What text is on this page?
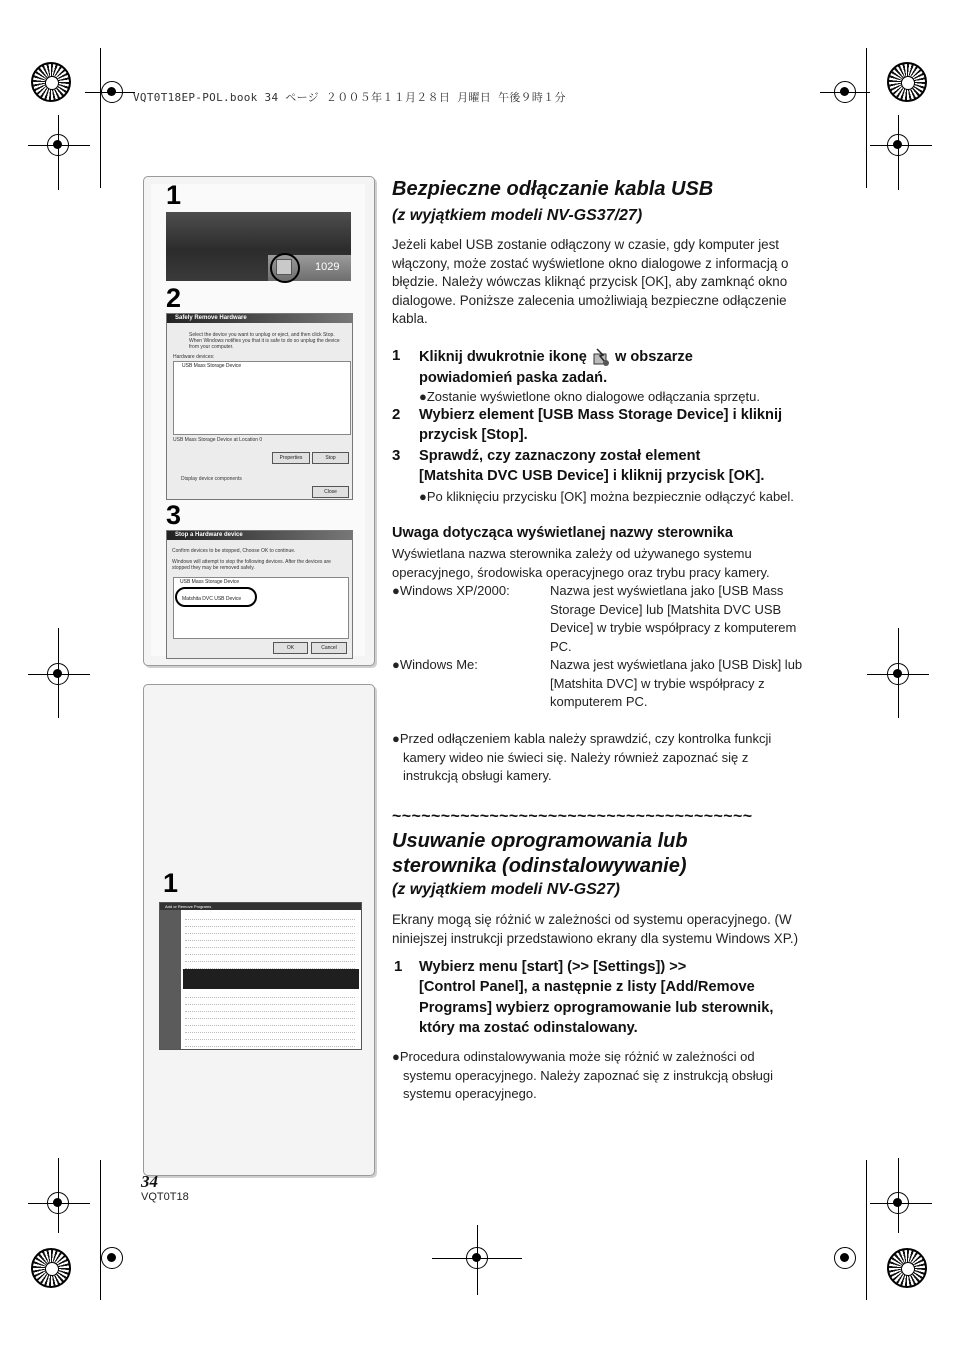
VQT0T18EP-POL.book 34 ページ ２００５年１１月２８日 月曜日 午後９時１分
1
1029
2
Safely Remove Hardware
Select the device you want to unplug or eject, and then click Stop. When Windows notifies you that it is safe to do so unplug the device from your computer.
Hardware devices:
USB Mass Storage Device
USB Mass Storage Device at Location 0
Properties	Stop
Display device components
Close
3
Stop a Hardware device
Confirm devices to be stopped, Choose OK to continue.
Windows will attempt to stop the following devices. After the devices are stopped they may be removed safely.
USB Mass Storage Device
Matshita DVC USB Device
OK	Cancel
1
Add or Remove Programs
Bezpieczne odłączanie kabla USB
(z wyjątkiem modeli NV-GS37/27)
Jeżeli kabel USB zostanie odłączony w czasie, gdy komputer jest
włączony, może zostać wyświetlone okno dialogowe z informacją o
błędzie. Należy wówczas kliknąć przycisk [OK], aby zamknąć okno
dialogowe. Poniższe zalecenia umożliwiają bezpieczne odłączenie
kabla.
1 Kliknij dwukrotnie ikonę w obszarze
powiadomień paska zadań.
●Zostanie wyświetlone okno dialogowe odłączania sprzętu.
2 Wybierz element [USB Mass Storage Device] i kliknij
przycisk [Stop].
3 Sprawdź, czy zaznaczony został element
[Matshita DVC USB Device] i kliknij przycisk [OK].
●Po kliknięciu przycisku [OK] można bezpiecznie odłączyć kabel.
Uwaga dotycząca wyświetlanej nazwy sterownika
Wyświetlana nazwa sterownika zależy od używanego systemu
operacyjnego, środowiska operacyjnego oraz trybu pracy kamery.
●Windows XP/2000:	Nazwa jest wyświetlana jako [USB Mass
Storage Device] lub [Matshita DVC USB
Device] w trybie współpracy z komputerem
PC.
●Windows Me:	Nazwa jest wyświetlana jako [USB Disk] lub
[Matshita DVC] w trybie współpracy z
komputerem PC.
●Przed odłączeniem kabla należy sprawdzić, czy kontrolka funkcji
kamery wideo nie świeci się. Należy również zapoznać się z
instrukcją obsługi kamery.
~~~~~~~~~~~~~~~~~~~~~~~~~~~~~~~~~~~~~
Usuwanie oprogramowania lub
sterownika (odinstalowywanie)
(z wyjątkiem modeli NV-GS27)
Ekrany mogą się różnić w zależności od systemu operacyjnego. (W
niniejszej instrukcji przedstawiono ekrany dla systemu Windows XP.)
1 Wybierz menu [start] (>> [Settings]) >>
[Control Panel], a następnie z listy [Add/Remove
Programs] wybierz oprogramowanie lub sterownik,
który ma zostać odinstalowany.
●Procedura odinstalowywania może się różnić w zależności od
systemu operacyjnego. Należy zapoznać się z instrukcją obsługi
systemu operacyjnego.
34
VQT0T18
